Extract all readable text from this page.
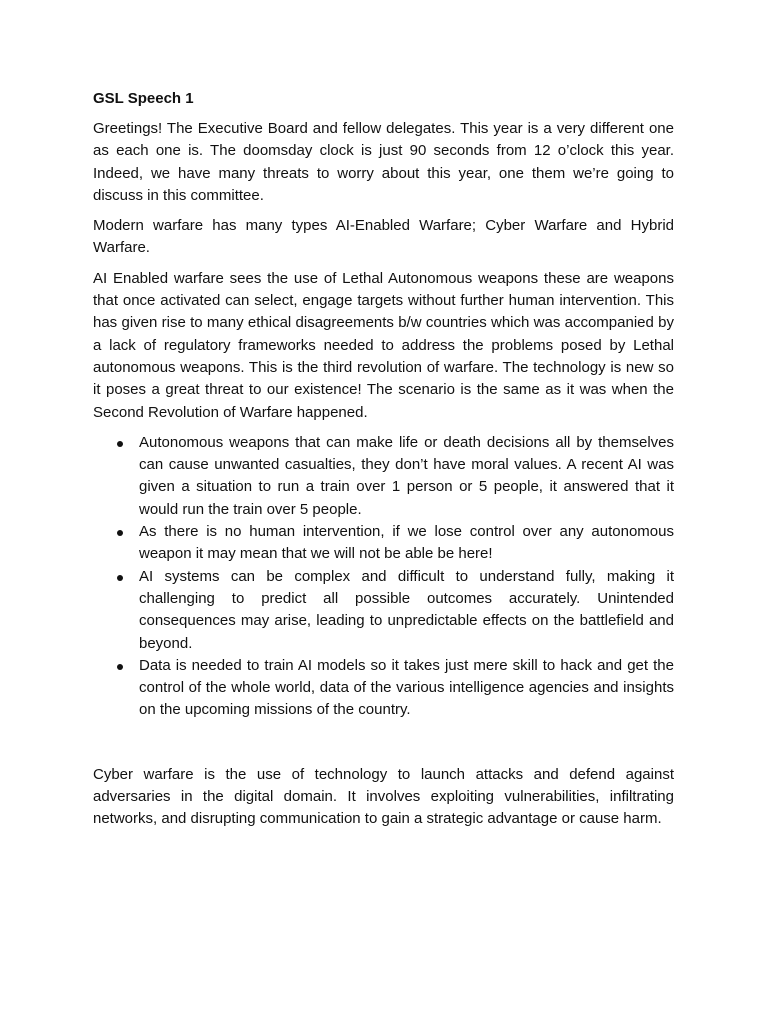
GSL Speech 1

Greetings! The Executive Board and fellow delegates. This year is a very different one as each one is. The doomsday clock is just 90 seconds from 12 o’clock this year. Indeed, we have many threats to worry about this year, one them we’re going to discuss in this committee.

Modern warfare has many types AI-Enabled Warfare; Cyber Warfare and Hybrid Warfare.

AI Enabled warfare sees the use of Lethal Autonomous weapons these are weapons that once activated can select, engage targets without further human intervention. This has given rise to many ethical disagreements b/w countries which was accompanied by a lack of regulatory frameworks needed to address the problems posed by Lethal autonomous weapons. This is the third revolution of warfare. The technology is new so it poses a great threat to our existence! The scenario is the same as it was when the Second Revolution of Warfare happened.

Autonomous weapons that can make life or death decisions all by themselves can cause unwanted casualties, they don’t have moral values. A recent AI was given a situation to run a train over 1 person or 5 people, it answered that it would run the train over 5 people.
As there is no human intervention, if we lose control over any autonomous weapon it may mean that we will not be able be here!
AI systems can be complex and difficult to understand fully, making it challenging to predict all possible outcomes accurately. Unintended consequences may arise, leading to unpredictable effects on the battlefield and beyond.
Data is needed to train AI models so it takes just mere skill to hack and get the control of the whole world, data of the various intelligence agencies and insights on the upcoming missions of the country.

Cyber warfare is the use of technology to launch attacks and defend against adversaries in the digital domain. It involves exploiting vulnerabilities, infiltrating networks, and disrupting communication to gain a strategic advantage or cause harm.
